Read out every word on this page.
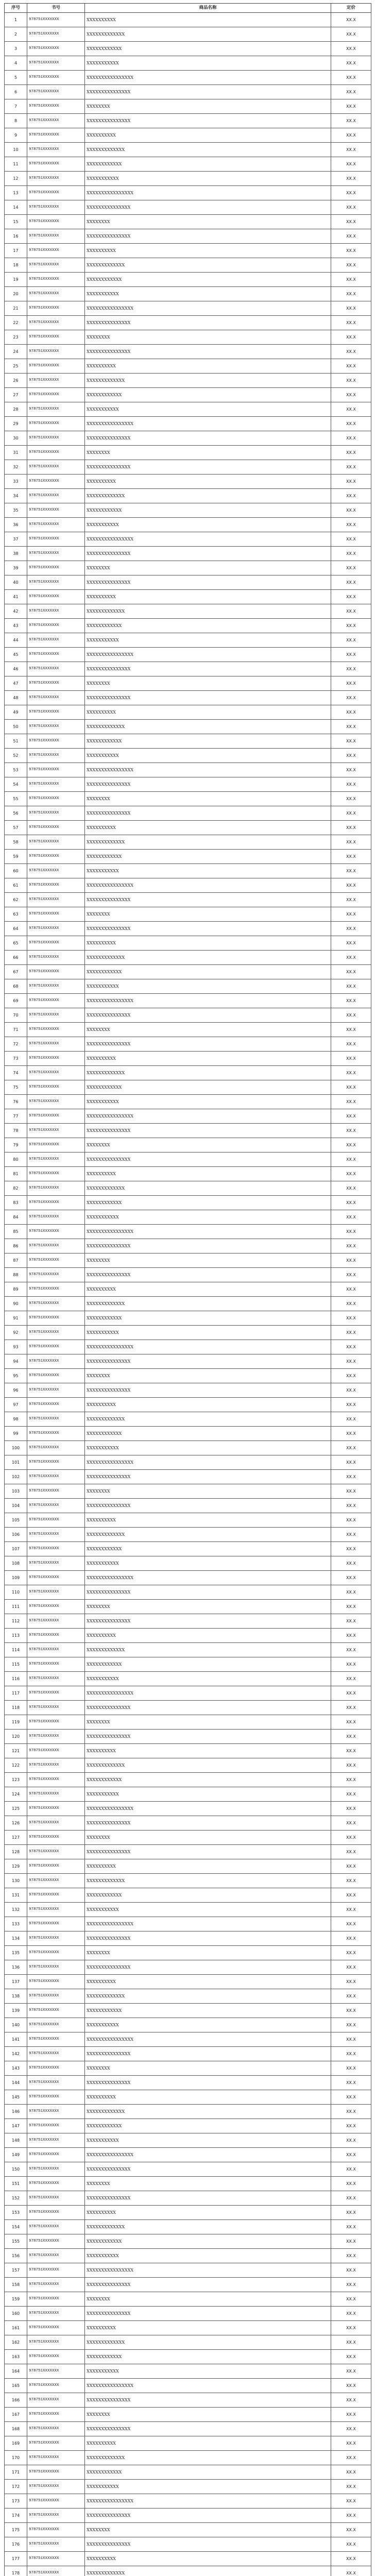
序号	书号	商品名称	定价
1	978751XXXXXXX	XXXXXXXXXX	XX.X
2	978751XXXXXXX	XXXXXXXXXXXXX	XX.X
3	978751XXXXXXX	XXXXXXXXXXXX	XX.X
4	978751XXXXXXX	XXXXXXXXXXX	XX.X
5	978751XXXXXXX	XXXXXXXXXXXXXXXX	XX.X
6	978751XXXXXXX	XXXXXXXXXXXXXXX	XX.X
7	978751XXXXXXX	XXXXXXXX	XX.X
8	978751XXXXXXX	XXXXXXXXXXXXXXX	XX.X
9	978751XXXXXXX	XXXXXXXXXX	XX.X
10	978751XXXXXXX	XXXXXXXXXXXXX	XX.X
11	978751XXXXXXX	XXXXXXXXXXXX	XX.X
12	978751XXXXXXX	XXXXXXXXXXX	XX.X
13	978751XXXXXXX	XXXXXXXXXXXXXXXX	XX.X
14	978751XXXXXXX	XXXXXXXXXXXXXXX	XX.X
15	978751XXXXXXX	XXXXXXXX	XX.X
16	978751XXXXXXX	XXXXXXXXXXXXXXX	XX.X
17	978751XXXXXXX	XXXXXXXXXX	XX.X
18	978751XXXXXXX	XXXXXXXXXXXXX	XX.X
19	978751XXXXXXX	XXXXXXXXXXXX	XX.X
20	978751XXXXXXX	XXXXXXXXXXX	XX.X
21	978751XXXXXXX	XXXXXXXXXXXXXXXX	XX.X
22	978751XXXXXXX	XXXXXXXXXXXXXXX	XX.X
23	978751XXXXXXX	XXXXXXXX	XX.X
24	978751XXXXXXX	XXXXXXXXXXXXXXX	XX.X
25	978751XXXXXXX	XXXXXXXXXX	XX.X
26	978751XXXXXXX	XXXXXXXXXXXXX	XX.X
27	978751XXXXXXX	XXXXXXXXXXXX	XX.X
28	978751XXXXXXX	XXXXXXXXXXX	XX.X
29	978751XXXXXXX	XXXXXXXXXXXXXXXX	XX.X
30	978751XXXXXXX	XXXXXXXXXXXXXXX	XX.X
31	978751XXXXXXX	XXXXXXXX	XX.X
32	978751XXXXXXX	XXXXXXXXXXXXXXX	XX.X
33	978751XXXXXXX	XXXXXXXXXX	XX.X
34	978751XXXXXXX	XXXXXXXXXXXXX	XX.X
35	978751XXXXXXX	XXXXXXXXXXXX	XX.X
36	978751XXXXXXX	XXXXXXXXXXX	XX.X
37	978751XXXXXXX	XXXXXXXXXXXXXXXX	XX.X
38	978751XXXXXXX	XXXXXXXXXXXXXXX	XX.X
39	978751XXXXXXX	XXXXXXXX	XX.X
40	978751XXXXXXX	XXXXXXXXXXXXXXX	XX.X
41	978751XXXXXXX	XXXXXXXXXX	XX.X
42	978751XXXXXXX	XXXXXXXXXXXXX	XX.X
43	978751XXXXXXX	XXXXXXXXXXXX	XX.X
44	978751XXXXXXX	XXXXXXXXXXX	XX.X
45	978751XXXXXXX	XXXXXXXXXXXXXXXX	XX.X
46	978751XXXXXXX	XXXXXXXXXXXXXXX	XX.X
47	978751XXXXXXX	XXXXXXXX	XX.X
48	978751XXXXXXX	XXXXXXXXXXXXXXX	XX.X
49	978751XXXXXXX	XXXXXXXXXX	XX.X
50	978751XXXXXXX	XXXXXXXXXXXXX	XX.X
51	978751XXXXXXX	XXXXXXXXXXXX	XX.X
52	978751XXXXXXX	XXXXXXXXXXX	XX.X
53	978751XXXXXXX	XXXXXXXXXXXXXXXX	XX.X
54	978751XXXXXXX	XXXXXXXXXXXXXXX	XX.X
55	978751XXXXXXX	XXXXXXXX	XX.X
56	978751XXXXXXX	XXXXXXXXXXXXXXX	XX.X
57	978751XXXXXXX	XXXXXXXXXX	XX.X
58	978751XXXXXXX	XXXXXXXXXXXXX	XX.X
59	978751XXXXXXX	XXXXXXXXXXXX	XX.X
60	978751XXXXXXX	XXXXXXXXXXX	XX.X
61	978751XXXXXXX	XXXXXXXXXXXXXXXX	XX.X
62	978751XXXXXXX	XXXXXXXXXXXXXXX	XX.X
63	978751XXXXXXX	XXXXXXXX	XX.X
64	978751XXXXXXX	XXXXXXXXXXXXXXX	XX.X
65	978751XXXXXXX	XXXXXXXXXX	XX.X
66	978751XXXXXXX	XXXXXXXXXXXXX	XX.X
67	978751XXXXXXX	XXXXXXXXXXXX	XX.X
68	978751XXXXXXX	XXXXXXXXXXX	XX.X
69	978751XXXXXXX	XXXXXXXXXXXXXXXX	XX.X
70	978751XXXXXXX	XXXXXXXXXXXXXXX	XX.X
71	978751XXXXXXX	XXXXXXXX	XX.X
72	978751XXXXXXX	XXXXXXXXXXXXXXX	XX.X
73	978751XXXXXXX	XXXXXXXXXX	XX.X
74	978751XXXXXXX	XXXXXXXXXXXXX	XX.X
75	978751XXXXXXX	XXXXXXXXXXXX	XX.X
76	978751XXXXXXX	XXXXXXXXXXX	XX.X
77	978751XXXXXXX	XXXXXXXXXXXXXXXX	XX.X
78	978751XXXXXXX	XXXXXXXXXXXXXXX	XX.X
79	978751XXXXXXX	XXXXXXXX	XX.X
80	978751XXXXXXX	XXXXXXXXXXXXXXX	XX.X
81	978751XXXXXXX	XXXXXXXXXX	XX.X
82	978751XXXXXXX	XXXXXXXXXXXXX	XX.X
83	978751XXXXXXX	XXXXXXXXXXXX	XX.X
84	978751XXXXXXX	XXXXXXXXXXX	XX.X
85	978751XXXXXXX	XXXXXXXXXXXXXXXX	XX.X
86	978751XXXXXXX	XXXXXXXXXXXXXXX	XX.X
87	978751XXXXXXX	XXXXXXXX	XX.X
88	978751XXXXXXX	XXXXXXXXXXXXXXX	XX.X
89	978751XXXXXXX	XXXXXXXXXX	XX.X
90	978751XXXXXXX	XXXXXXXXXXXXX	XX.X
91	978751XXXXXXX	XXXXXXXXXXXX	XX.X
92	978751XXXXXXX	XXXXXXXXXXX	XX.X
93	978751XXXXXXX	XXXXXXXXXXXXXXXX	XX.X
94	978751XXXXXXX	XXXXXXXXXXXXXXX	XX.X
95	978751XXXXXXX	XXXXXXXX	XX.X
96	978751XXXXXXX	XXXXXXXXXXXXXXX	XX.X
97	978751XXXXXXX	XXXXXXXXXX	XX.X
98	978751XXXXXXX	XXXXXXXXXXXXX	XX.X
99	978751XXXXXXX	XXXXXXXXXXXX	XX.X
100	978751XXXXXXX	XXXXXXXXXXX	XX.X
101	978751XXXXXXX	XXXXXXXXXXXXXXXX	XX.X
102	978751XXXXXXX	XXXXXXXXXXXXXXX	XX.X
103	978751XXXXXXX	XXXXXXXX	XX.X
104	978751XXXXXXX	XXXXXXXXXXXXXXX	XX.X
105	978751XXXXXXX	XXXXXXXXXX	XX.X
106	978751XXXXXXX	XXXXXXXXXXXXX	XX.X
107	978751XXXXXXX	XXXXXXXXXXXX	XX.X
108	978751XXXXXXX	XXXXXXXXXXX	XX.X
109	978751XXXXXXX	XXXXXXXXXXXXXXXX	XX.X
110	978751XXXXXXX	XXXXXXXXXXXXXXX	XX.X
111	978751XXXXXXX	XXXXXXXX	XX.X
112	978751XXXXXXX	XXXXXXXXXXXXXXX	XX.X
113	978751XXXXXXX	XXXXXXXXXX	XX.X
114	978751XXXXXXX	XXXXXXXXXXXXX	XX.X
115	978751XXXXXXX	XXXXXXXXXXXX	XX.X
116	978751XXXXXXX	XXXXXXXXXXX	XX.X
117	978751XXXXXXX	XXXXXXXXXXXXXXXX	XX.X
118	978751XXXXXXX	XXXXXXXXXXXXXXX	XX.X
119	978751XXXXXXX	XXXXXXXX	XX.X
120	978751XXXXXXX	XXXXXXXXXXXXXXX	XX.X
121	978751XXXXXXX	XXXXXXXXXX	XX.X
122	978751XXXXXXX	XXXXXXXXXXXXX	XX.X
123	978751XXXXXXX	XXXXXXXXXXXX	XX.X
124	978751XXXXXXX	XXXXXXXXXXX	XX.X
125	978751XXXXXXX	XXXXXXXXXXXXXXXX	XX.X
126	978751XXXXXXX	XXXXXXXXXXXXXXX	XX.X
127	978751XXXXXXX	XXXXXXXX	XX.X
128	978751XXXXXXX	XXXXXXXXXXXXXXX	XX.X
129	978751XXXXXXX	XXXXXXXXXX	XX.X
130	978751XXXXXXX	XXXXXXXXXXXXX	XX.X
131	978751XXXXXXX	XXXXXXXXXXXX	XX.X
132	978751XXXXXXX	XXXXXXXXXXX	XX.X
133	978751XXXXXXX	XXXXXXXXXXXXXXXX	XX.X
134	978751XXXXXXX	XXXXXXXXXXXXXXX	XX.X
135	978751XXXXXXX	XXXXXXXX	XX.X
136	978751XXXXXXX	XXXXXXXXXXXXXXX	XX.X
137	978751XXXXXXX	XXXXXXXXXX	XX.X
138	978751XXXXXXX	XXXXXXXXXXXXX	XX.X
139	978751XXXXXXX	XXXXXXXXXXXX	XX.X
140	978751XXXXXXX	XXXXXXXXXXX	XX.X
141	978751XXXXXXX	XXXXXXXXXXXXXXXX	XX.X
142	978751XXXXXXX	XXXXXXXXXXXXXXX	XX.X
143	978751XXXXXXX	XXXXXXXX	XX.X
144	978751XXXXXXX	XXXXXXXXXXXXXXX	XX.X
145	978751XXXXXXX	XXXXXXXXXX	XX.X
146	978751XXXXXXX	XXXXXXXXXXXXX	XX.X
147	978751XXXXXXX	XXXXXXXXXXXX	XX.X
148	978751XXXXXXX	XXXXXXXXXXX	XX.X
149	978751XXXXXXX	XXXXXXXXXXXXXXXX	XX.X
150	978751XXXXXXX	XXXXXXXXXXXXXXX	XX.X
151	978751XXXXXXX	XXXXXXXX	XX.X
152	978751XXXXXXX	XXXXXXXXXXXXXXX	XX.X
153	978751XXXXXXX	XXXXXXXXXX	XX.X
154	978751XXXXXXX	XXXXXXXXXXXXX	XX.X
155	978751XXXXXXX	XXXXXXXXXXXX	XX.X
156	978751XXXXXXX	XXXXXXXXXXX	XX.X
157	978751XXXXXXX	XXXXXXXXXXXXXXXX	XX.X
158	978751XXXXXXX	XXXXXXXXXXXXXXX	XX.X
159	978751XXXXXXX	XXXXXXXX	XX.X
160	978751XXXXXXX	XXXXXXXXXXXXXXX	XX.X
161	978751XXXXXXX	XXXXXXXXXX	XX.X
162	978751XXXXXXX	XXXXXXXXXXXXX	XX.X
163	978751XXXXXXX	XXXXXXXXXXXX	XX.X
164	978751XXXXXXX	XXXXXXXXXXX	XX.X
165	978751XXXXXXX	XXXXXXXXXXXXXXXX	XX.X
166	978751XXXXXXX	XXXXXXXXXXXXXXX	XX.X
167	978751XXXXXXX	XXXXXXXX	XX.X
168	978751XXXXXXX	XXXXXXXXXXXXXXX	XX.X
169	978751XXXXXXX	XXXXXXXXXX	XX.X
170	978751XXXXXXX	XXXXXXXXXXXXX	XX.X
171	978751XXXXXXX	XXXXXXXXXXXX	XX.X
172	978751XXXXXXX	XXXXXXXXXXX	XX.X
173	978751XXXXXXX	XXXXXXXXXXXXXXXX	XX.X
174	978751XXXXXXX	XXXXXXXXXXXXXXX	XX.X
175	978751XXXXXXX	XXXXXXXX	XX.X
176	978751XXXXXXX	XXXXXXXXXXXXXXX	XX.X
177	978751XXXXXXX	XXXXXXXXXX	XX.X
178	978751XXXXXXX	XXXXXXXXXXXXX	XX.X
